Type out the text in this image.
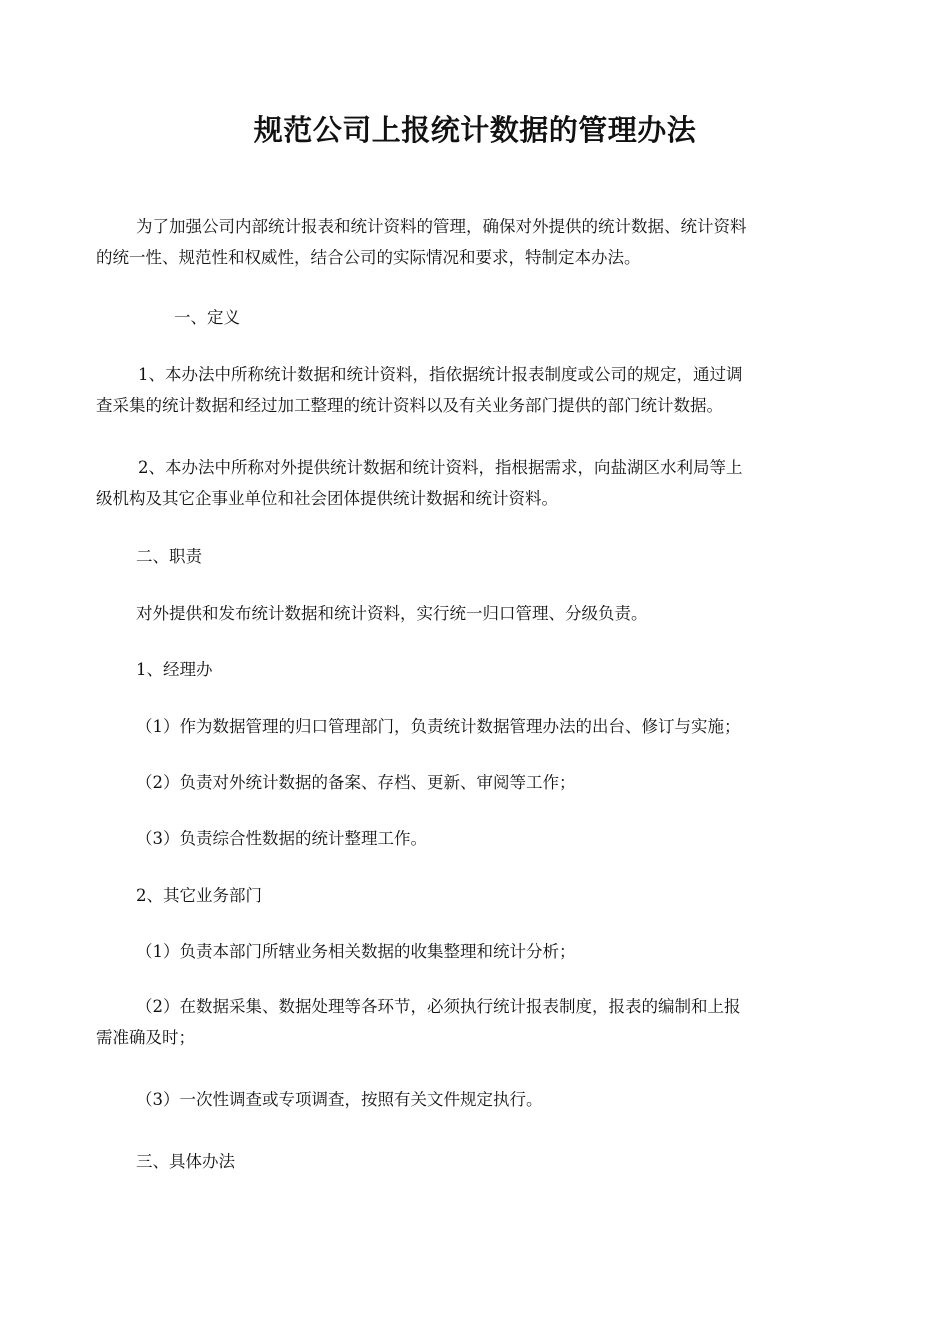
规范公司上报统计数据的管理办法
为了加强公司内部统计报表和统计资料的管理，确保对外提供的统计数据、统计资料
的统一性、规范性和权威性，结合公司的实际情况和要求，特制定本办法。
一、定义
1、本办法中所称统计数据和统计资料，指依据统计报表制度或公司的规定，通过调
查采集的统计数据和经过加工整理的统计资料以及有关业务部门提供的部门统计数据。
2、本办法中所称对外提供统计数据和统计资料，指根据需求，向盐湖区水利局等上
级机构及其它企事业单位和社会团体提供统计数据和统计资料。
二、职责
对外提供和发布统计数据和统计资料，实行统一归口管理、分级负责。
1、经理办
（1）作为数据管理的归口管理部门，负责统计数据管理办法的出台、修订与实施；
（2）负责对外统计数据的备案、存档、更新、审阅等工作；
（3）负责综合性数据的统计整理工作。
2、其它业务部门
（1）负责本部门所辖业务相关数据的收集整理和统计分析；
（2）在数据采集、数据处理等各环节，必须执行统计报表制度，报表的编制和上报
需准确及时；
（3）一次性调查或专项调查，按照有关文件规定执行。
三、具体办法
